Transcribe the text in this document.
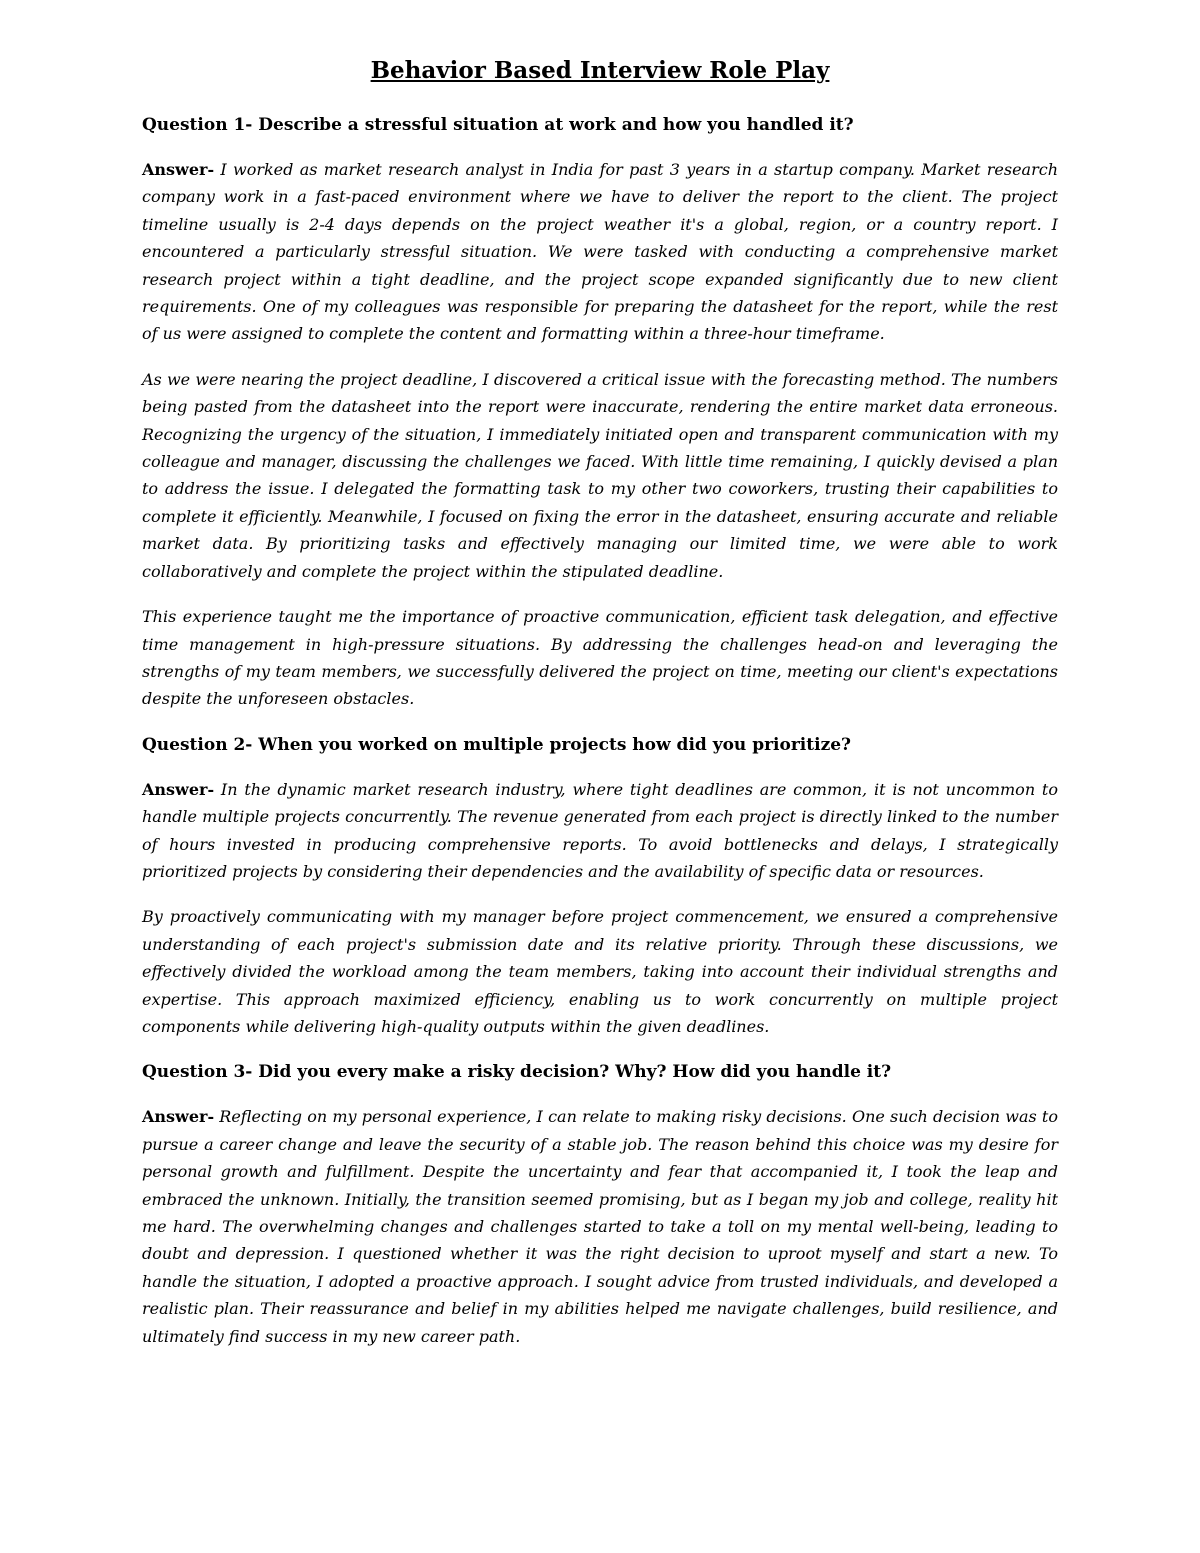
Behavior Based Interview Role Play

Question 1- Describe a stressful situation at work and how you handled it?

Answer- I worked as market research analyst in India for past 3 years in a startup company. Market research company work in a fast-paced environment where we have to deliver the report to the client. The project timeline usually is 2-4 days depends on the project weather it's a global, region, or a country report. I encountered a particularly stressful situation. We were tasked with conducting a comprehensive market research project within a tight deadline, and the project scope expanded significantly due to new client requirements. One of my colleagues was responsible for preparing the datasheet for the report, while the rest of us were assigned to complete the content and formatting within a three-hour timeframe.

As we were nearing the project deadline, I discovered a critical issue with the forecasting method. The numbers being pasted from the datasheet into the report were inaccurate, rendering the entire market data erroneous. Recognizing the urgency of the situation, I immediately initiated open and transparent communication with my colleague and manager, discussing the challenges we faced. With little time remaining, I quickly devised a plan to address the issue. I delegated the formatting task to my other two coworkers, trusting their capabilities to complete it efficiently. Meanwhile, I focused on fixing the error in the datasheet, ensuring accurate and reliable market data. By prioritizing tasks and effectively managing our limited time, we were able to work collaboratively and complete the project within the stipulated deadline.

This experience taught me the importance of proactive communication, efficient task delegation, and effective time management in high-pressure situations. By addressing the challenges head-on and leveraging the strengths of my team members, we successfully delivered the project on time, meeting our client's expectations despite the unforeseen obstacles.

Question 2- When you worked on multiple projects how did you prioritize?

Answer- In the dynamic market research industry, where tight deadlines are common, it is not uncommon to handle multiple projects concurrently. The revenue generated from each project is directly linked to the number of hours invested in producing comprehensive reports. To avoid bottlenecks and delays, I strategically prioritized projects by considering their dependencies and the availability of specific data or resources.

By proactively communicating with my manager before project commencement, we ensured a comprehensive understanding of each project's submission date and its relative priority. Through these discussions, we effectively divided the workload among the team members, taking into account their individual strengths and expertise. This approach maximized efficiency, enabling us to work concurrently on multiple project components while delivering high-quality outputs within the given deadlines.

Question 3- Did you every make a risky decision? Why? How did you handle it?

Answer- Reflecting on my personal experience, I can relate to making risky decisions. One such decision was to pursue a career change and leave the security of a stable job. The reason behind this choice was my desire for personal growth and fulfillment. Despite the uncertainty and fear that accompanied it, I took the leap and embraced the unknown. Initially, the transition seemed promising, but as I began my job and college, reality hit me hard. The overwhelming changes and challenges started to take a toll on my mental well-being, leading to doubt and depression. I questioned whether it was the right decision to uproot myself and start a new. To handle the situation, I adopted a proactive approach. I sought advice from trusted individuals, and developed a realistic plan. Their reassurance and belief in my abilities helped me navigate challenges, build resilience, and ultimately find success in my new career path.
